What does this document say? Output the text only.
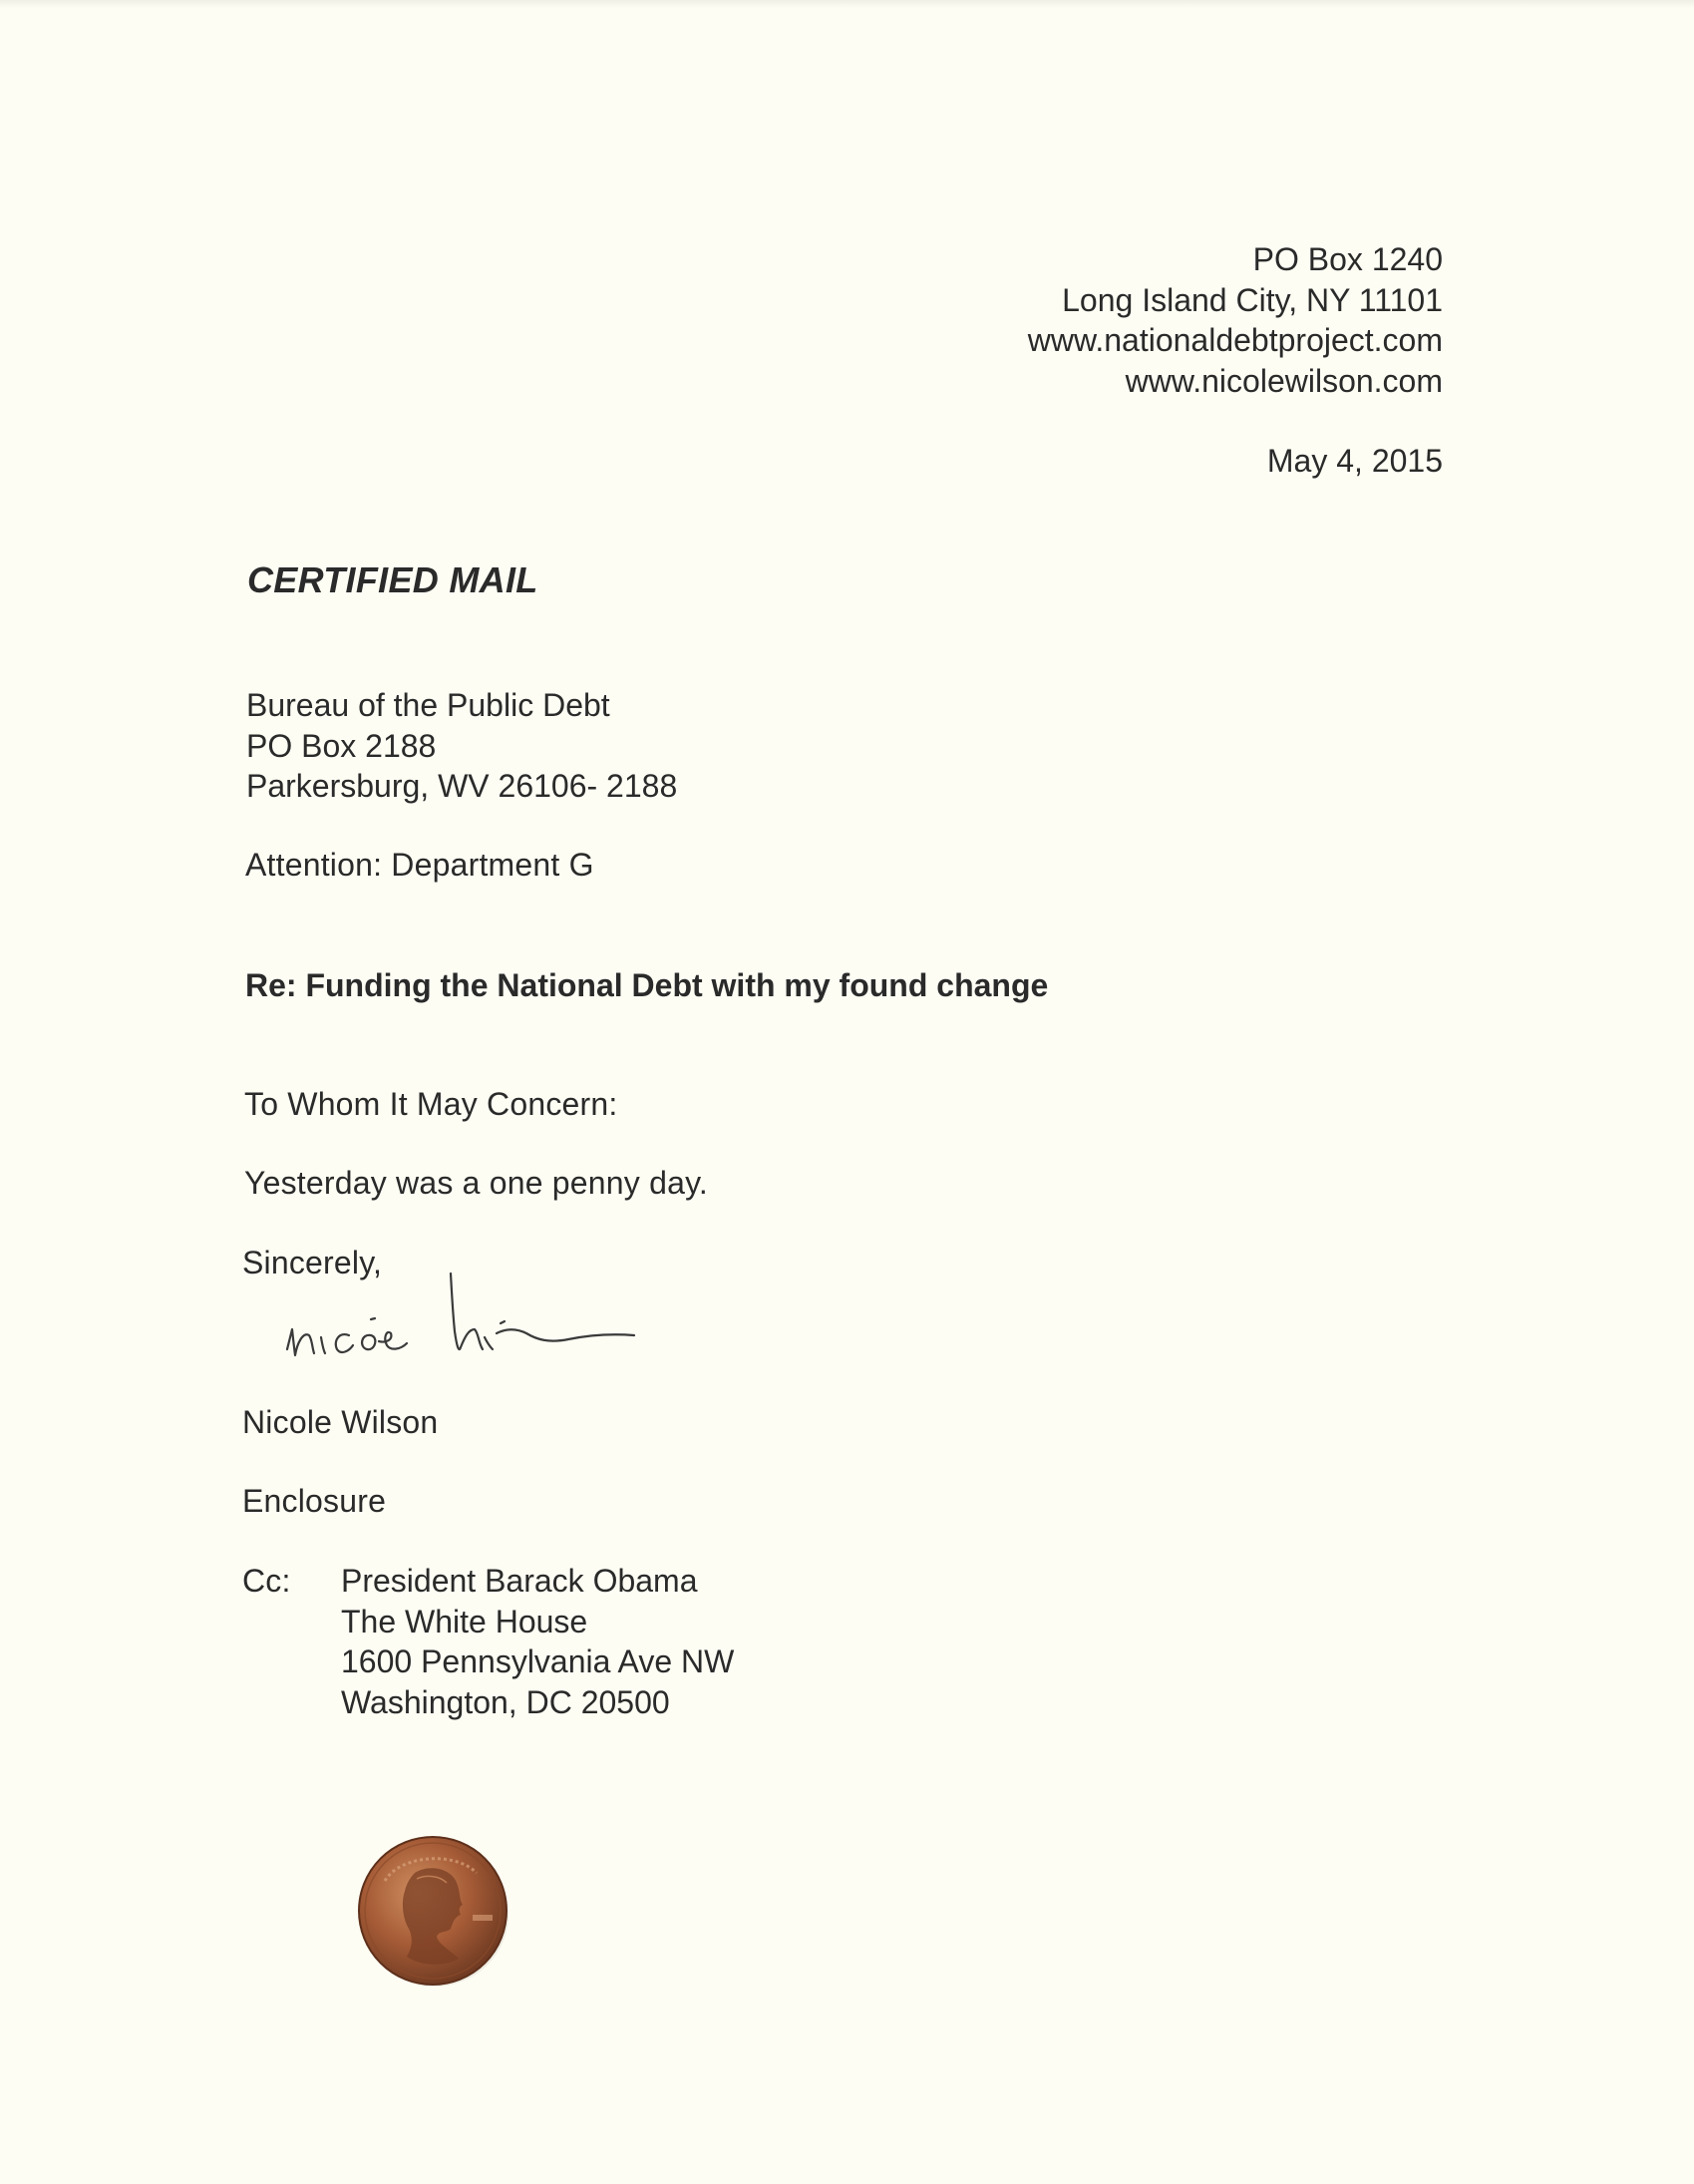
PO Box 1240
Long Island City, NY 11101
www.nationaldebtproject.com
www.nicolewilson.com
May 4, 2015
CERTIFIED MAIL
Bureau of the Public Debt
PO Box 2188
Parkersburg, WV 26106- 2188
Attention: Department G
Re: Funding the National Debt with my found change
To Whom It May Concern:
Yesterday was a one penny day.
Sincerely,
Nicole Wilson
Enclosure
Cc: President Barack Obama
The White House
1600 Pennsylvania Ave NW
Washington, DC 20500
